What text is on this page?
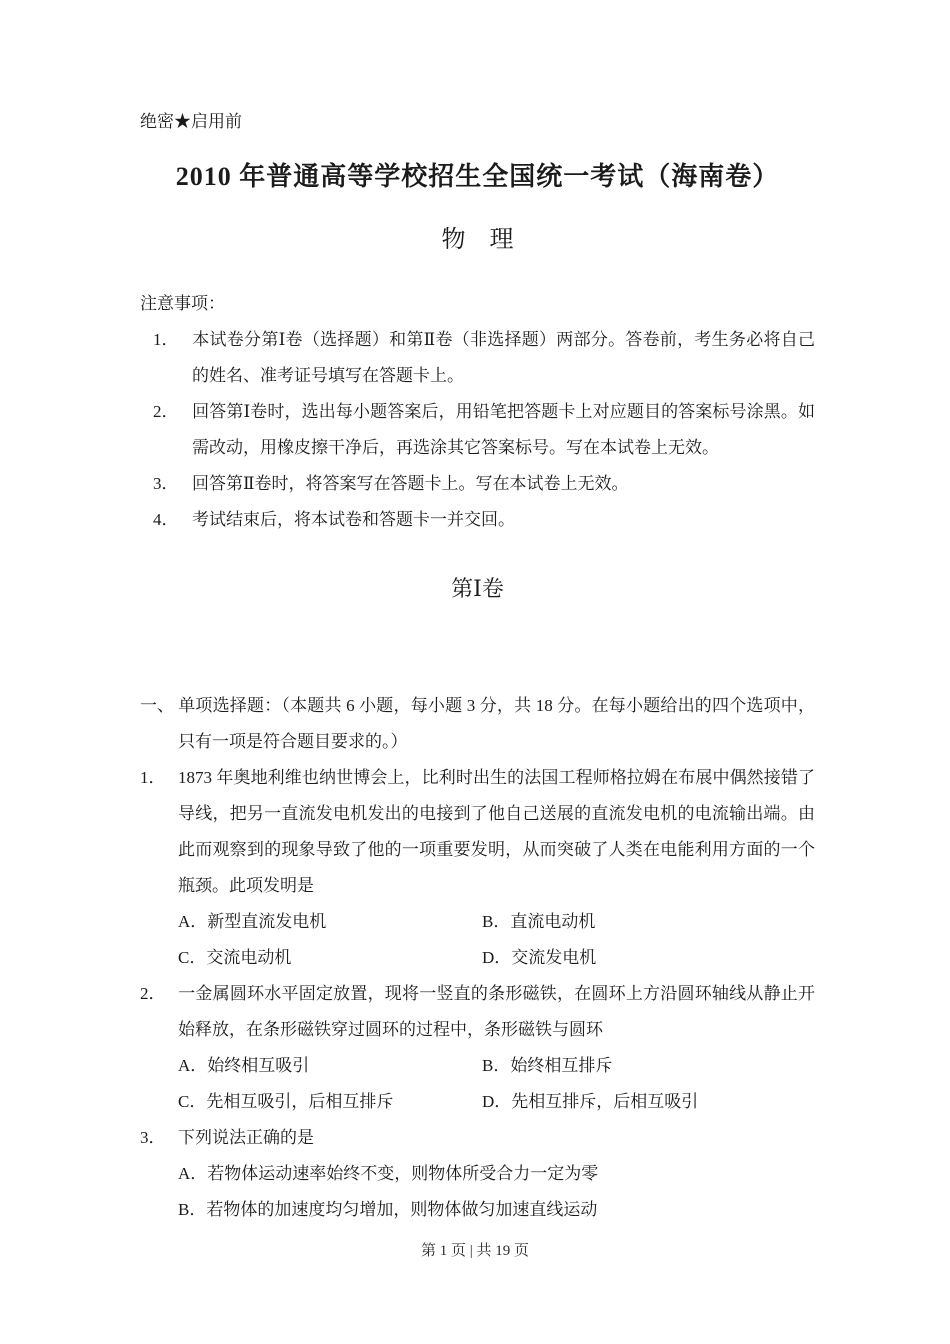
绝密★启用前
2010 年普通高等学校招生全国统一考试（海南卷）
物　理
注意事项：
1． 本试卷分第Ⅰ卷（选择题）和第Ⅱ卷（非选择题）两部分。答卷前，考生务必将自己的姓名、准考证号填写在答题卡上。
2． 回答第Ⅰ卷时，选出每小题答案后，用铅笔把答题卡上对应题目的答案标号涂黑。如需改动，用橡皮擦干净后，再选涂其它答案标号。写在本试卷上无效。
3． 回答第Ⅱ卷时，将答案写在答题卡上。写在本试卷上无效。
4． 考试结束后，将本试卷和答题卡一并交回。
第Ⅰ卷
一、 单项选择题：（本题共 6 小题，每小题 3 分，共 18 分。在每小题给出的四个选项中，只有一项是符合题目要求的。）
1． 1873 年奥地利维也纳世博会上，比利时出生的法国工程师格拉姆在布展中偶然接错了导线，把另一直流发电机发出的电接到了他自己送展的直流发电机的电流输出端。由此而观察到的现象导致了他的一项重要发明，从而突破了人类在电能利用方面的一个瓶颈。此项发明是
A．新型直流发电机	B．直流电动机
C．交流电动机	D．交流发电机
2． 一金属圆环水平固定放置，现将一竖直的条形磁铁，在圆环上方沿圆环轴线从静止开始释放，在条形磁铁穿过圆环的过程中，条形磁铁与圆环
A．始终相互吸引	B．始终相互排斥
C．先相互吸引，后相互排斥	D．先相互排斥，后相互吸引
3． 下列说法正确的是
A．若物体运动速率始终不变，则物体所受合力一定为零
B．若物体的加速度均匀增加，则物体做匀加速直线运动
第 1 页 | 共 19 页
